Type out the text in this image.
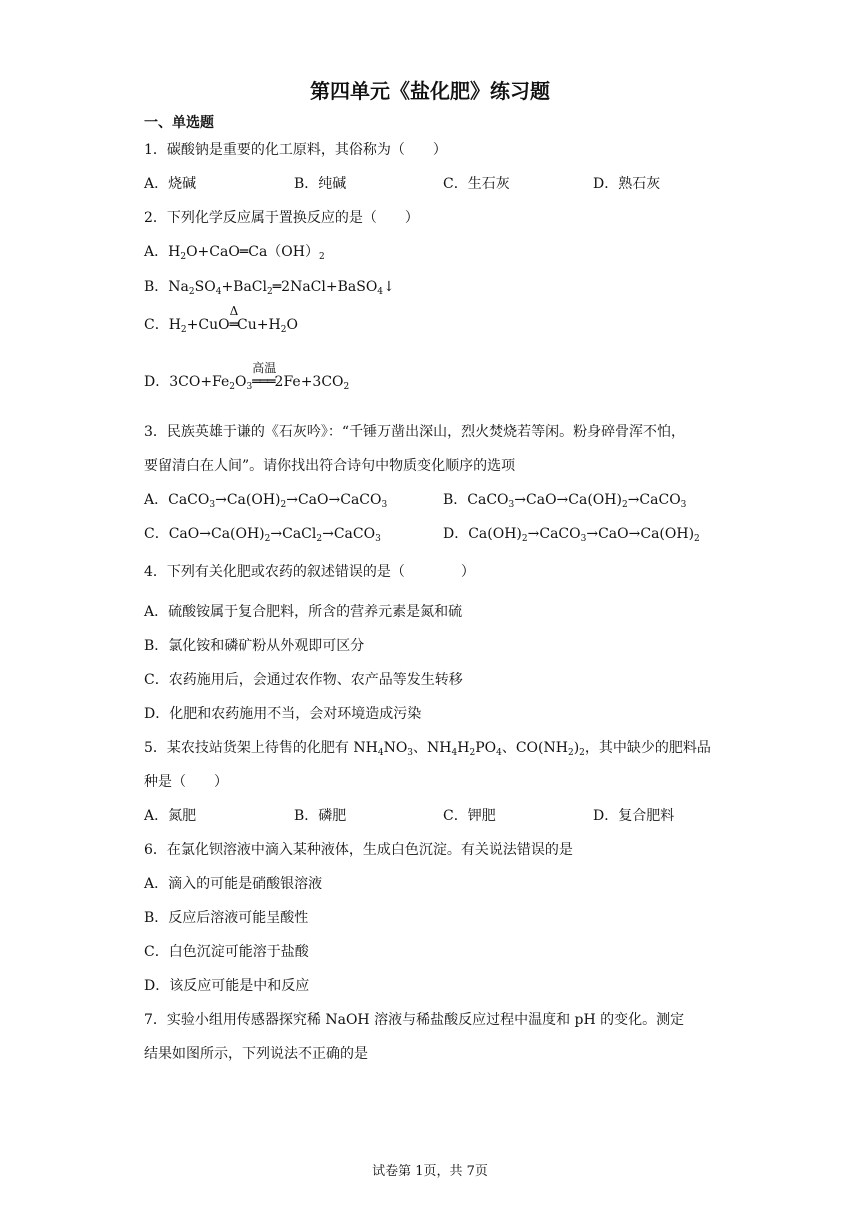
第四单元《盐化肥》练习题
一、单选题
1．碳酸钠是重要的化工原料，其俗称为（　　）
A．烧碱	B．纯碱	C．生石灰	D．熟石灰
2．下列化学反应属于置换反应的是（　　）
A．$H_2O+CaO═Ca(OH)_2$
B．$Na_2SO_4+BaCl_2═2NaCl+BaSO_4↓$
C．$H_2+CuO$
Δ
$═Cu+H_2O$
D．$3CO+Fe_2O_3$
高温
$═══2Fe+3CO_2$
3．民族英雄于谦的《石灰吟》：“千锤万凿出深山，烈火焚烧若等闲。粉身碎骨浑不怕，
要留清白在人间”。请你找出符合诗句中物质变化顺序的选项
A．$CaCO_3\to Ca(OH)_2\to CaO\to CaCO_3$	B．$CaCO_3\to CaO\to Ca(OH)_2\to CaCO_3$
C．$CaO\to Ca(OH)_2\to CaCl_2\to CaCO_3$	D．$Ca(OH)_2\to CaCO_3\to CaO\to Ca(OH)_2$
4．下列有关化肥或农药的叙述错误的是（　　　　）
A．硫酸铵属于复合肥料，所含的营养元素是氮和硫
B．氯化铵和磷矿粉从外观即可区分
C．农药施用后，会通过农作物、农产品等发生转移
D．化肥和农药施用不当，会对环境造成污染
5．某农技站货架上待售的化肥有 $NH_4NO_3$、$NH_4H_2PO_4$、$CO(NH_2)_2$，其中缺少的肥料品
种是（　　）
A．氮肥	B．磷肥	C．钾肥	D．复合肥料
6．在氯化钡溶液中滴入某种液体，生成白色沉淀。有关说法错误的是
A．滴入的可能是硝酸银溶液
B．反应后溶液可能呈酸性
C．白色沉淀可能溶于盐酸
D．该反应可能是中和反应
7．实验小组用传感器探究稀 NaOH 溶液与稀盐酸反应过程中温度和 pH 的变化。测定
结果如图所示，下列说法不正确的是
试卷第 1页，共 7页
